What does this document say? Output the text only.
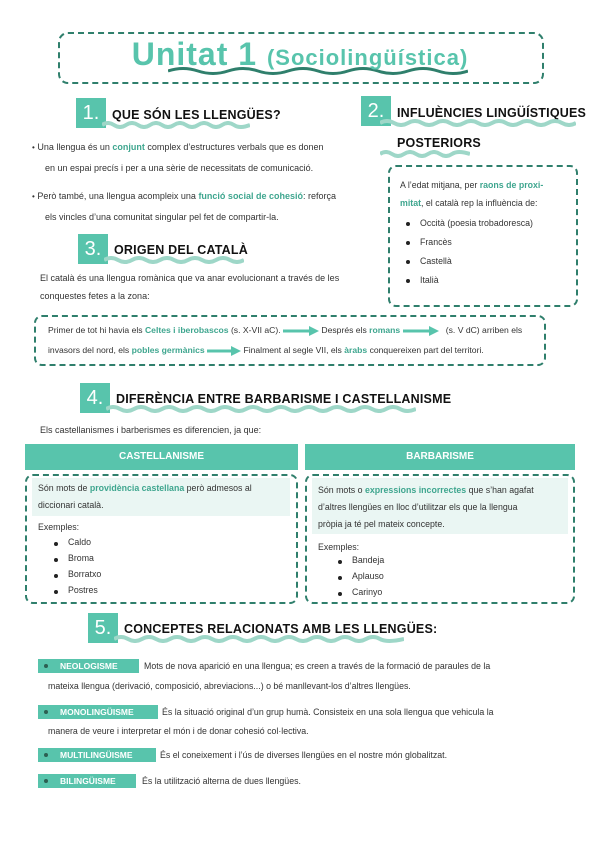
Unitat 1 (Sociolingüística)
1.	QUE SÓN LES LLENGÜES?
• Una llengua és un conjunt complex d’estructures verbals que es donen
en un espai precís i per a una sèrie de necessitats de comunicació.
• Però també, una llengua acompleix una funció social de cohesió: reforça
els vincles d’una comunitat singular pel fet de compartir-la.
2.	INFLUÈNCIES LINGÜÍSTIQUES
POSTERIORS
A l’edat mitjana, per raons de proxi-
mitat, el català rep la influència de:
Occità (poesia trobadoresca)
Francès
Castellà
Italià
3.	ORIGEN DEL CATALÀ
El català és una llengua romànica que va anar evolucionant a través de les
conquestes fetes a la zona:
Primer de tot hi havia els Celtes i iberobascos (s. X-VII aC).	Després els romans	(s. V dC) arriben els
invasors del nord, els pobles germànics	Finalment al segle VII, els àrabs conquereixen part del territori.
4.	DIFERÈNCIA ENTRE BARBARISME I CASTELLANISME
Els castellanismes i barberismes es diferencien, ja que:
CASTELLANISME
Són mots de providència castellana però admesos al
diccionari català.
Exemples:
Caldo
Broma
Borratxo
Postres
BARBARISME
Són mots o expressions incorrectes que s’han agafat
d’altres llengües en lloc d’utilitzar els que la llengua
pròpia ja té pel mateix concepte.
Exemples:
Bandeja
Aplauso
Carinyo
5.	CONCEPTES RELACIONATS AMB LES LLENGÜES:
NEOLOGISME	Mots de nova aparició en una llengua; es creen a través de la formació de paraules de la
mateixa llengua (derivació, composició, abreviacions...) o bé manllevant-los d’altres llengües.
MONOLINGÜISME	És la situació original d’un grup humà. Consisteix en una sola llengua que vehicula la
manera de veure i interpretar el món i de donar cohesió col·lectiva.
MULTILINGÜISME	És el coneixement i l’ús de diverses llengües en el nostre món globalitzat.
BILINGÜISME	És la utilització alterna de dues llengües.
